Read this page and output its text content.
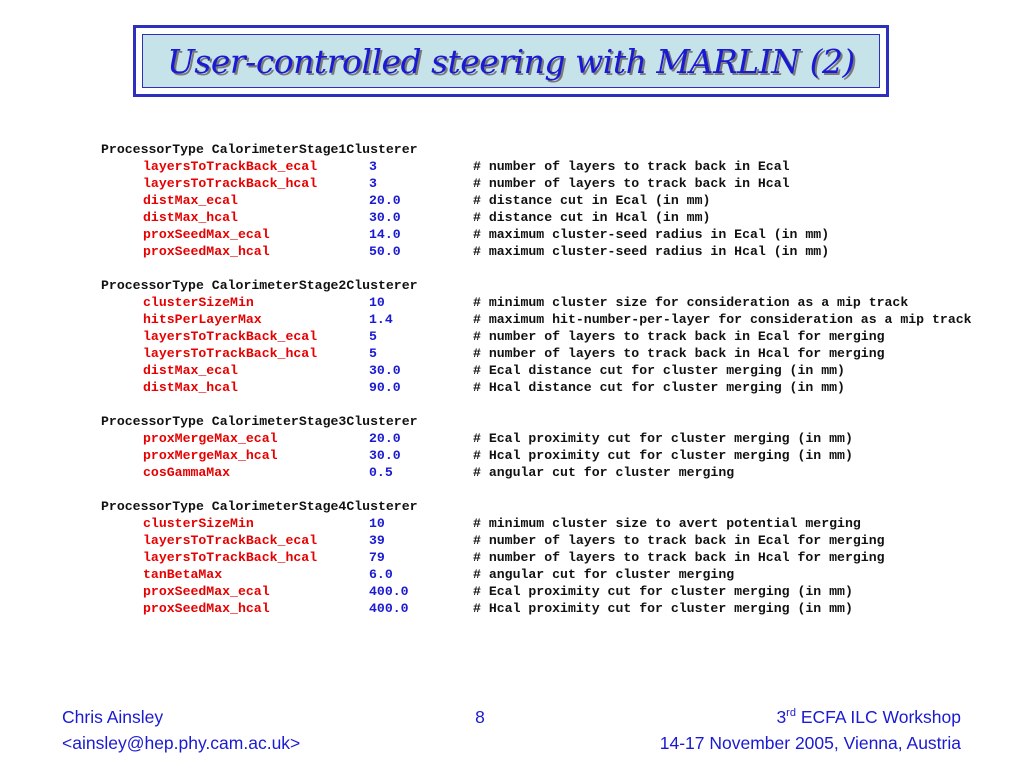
User-controlled steering with MARLIN (2)
ProcessorType CalorimeterStage1Clusterer
layersToTrackBack_ecal	3	# number of layers to track back in Ecal
layersToTrackBack_hcal	3	# number of layers to track back in Hcal
distMax_ecal	20.0	# distance cut in Ecal (in mm)
distMax_hcal	30.0	# distance cut in Hcal (in mm)
proxSeedMax_ecal	14.0	# maximum cluster-seed radius in Ecal (in mm)
proxSeedMax_hcal	50.0	# maximum cluster-seed radius in Hcal (in mm)
ProcessorType CalorimeterStage2Clusterer
clusterSizeMin	10	# minimum cluster size for consideration as a mip track
hitsPerLayerMax	1.4	# maximum hit-number-per-layer for consideration as a mip track
layersToTrackBack_ecal	5	# number of layers to track back in Ecal for merging
layersToTrackBack_hcal	5	# number of layers to track back in Hcal for merging
distMax_ecal	30.0	# Ecal distance cut for cluster merging (in mm)
distMax_hcal	90.0	# Hcal distance cut for cluster merging (in mm)
ProcessorType CalorimeterStage3Clusterer
proxMergeMax_ecal	20.0	# Ecal proximity cut for cluster merging (in mm)
proxMergeMax_hcal	30.0	# Hcal proximity cut for cluster merging (in mm)
cosGammaMax	0.5	# angular cut for cluster merging
ProcessorType CalorimeterStage4Clusterer
clusterSizeMin	10	# minimum cluster size to avert potential merging
layersToTrackBack_ecal	39	# number of layers to track back in Ecal for merging
layersToTrackBack_hcal	79	# number of layers to track back in Hcal for merging
tanBetaMax	6.0	# angular cut for cluster merging
proxSeedMax_ecal	400.0	# Ecal proximity cut for cluster merging (in mm)
proxSeedMax_hcal	400.0	# Hcal proximity cut for cluster merging (in mm)
Chris Ainsley
<ainsley@hep.phy.cam.ac.uk>
8	3rd ECFA ILC Workshop
14-17 November 2005, Vienna, Austria
